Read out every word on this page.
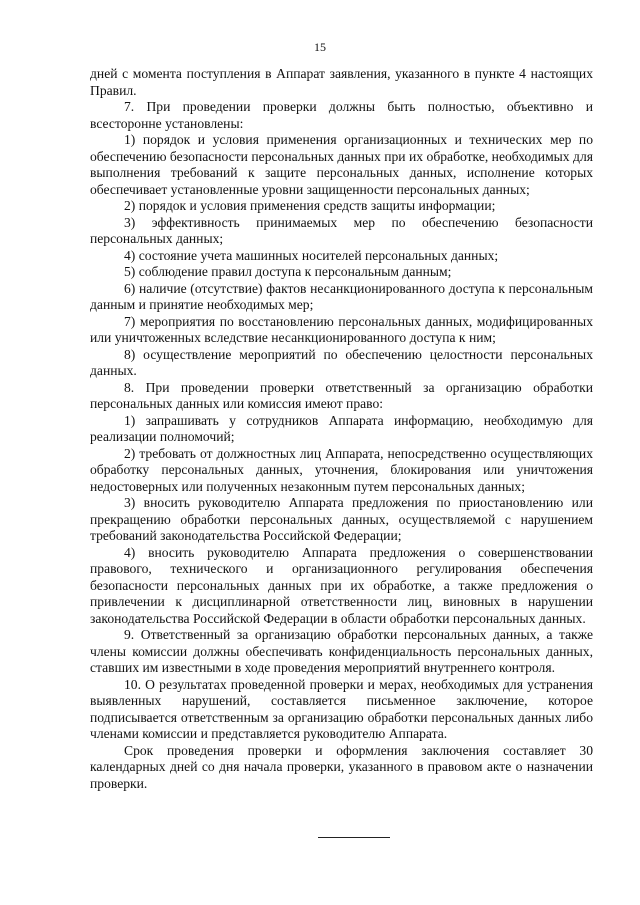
15

дней с момента поступления в Аппарат заявления, указанного в пункте 4 настоящих Правил.

7. При проведении проверки должны быть полностью, объективно и всесторонне установлены:

1) порядок и условия применения организационных и технических мер по обеспечению безопасности персональных данных при их обработке, необходимых для выполнения требований к защите персональных данных, исполнение которых обеспечивает установленные уровни защищенности персональных данных;

2) порядок и условия применения средств защиты информации;

3) эффективность принимаемых мер по обеспечению безопасности персональных данных;

4) состояние учета машинных носителей персональных данных;

5) соблюдение правил доступа к персональным данным;

6) наличие (отсутствие) фактов несанкционированного доступа к персональным данным и принятие необходимых мер;

7) мероприятия по восстановлению персональных данных, модифицированных или уничтоженных вследствие несанкционированного доступа к ним;

8) осуществление мероприятий по обеспечению целостности персональных данных.

8. При проведении проверки ответственный за организацию обработки персональных данных или комиссия имеют право:

1) запрашивать у сотрудников Аппарата информацию, необходимую для реализации полномочий;

2) требовать от должностных лиц Аппарата, непосредственно осуществляющих обработку персональных данных, уточнения, блокирования или уничтожения недостоверных или полученных незаконным путем персональных данных;

3) вносить руководителю Аппарата предложения по приостановлению или прекращению обработки персональных данных, осуществляемой с нарушением требований законодательства Российской Федерации;

4) вносить руководителю Аппарата предложения о совершенствовании правового, технического и организационного регулирования обеспечения безопасности персональных данных при их обработке, а также предложения о привлечении к дисциплинарной ответственности лиц, виновных в нарушении законодательства Российской Федерации в области обработки персональных данных.

9. Ответственный за организацию обработки персональных данных, а также члены комиссии должны обеспечивать конфиденциальность персональных данных, ставших им известными в ходе проведения мероприятий внутреннего контроля.

10. О результатах проведенной проверки и мерах, необходимых для устранения выявленных нарушений, составляется письменное заключение, которое подписывается ответственным за организацию обработки персональных данных либо членами комиссии и представляется руководителю Аппарата.

Срок проведения проверки и оформления заключения составляет 30 календарных дней со дня начала проверки, указанного в правовом акте о назначении проверки.
